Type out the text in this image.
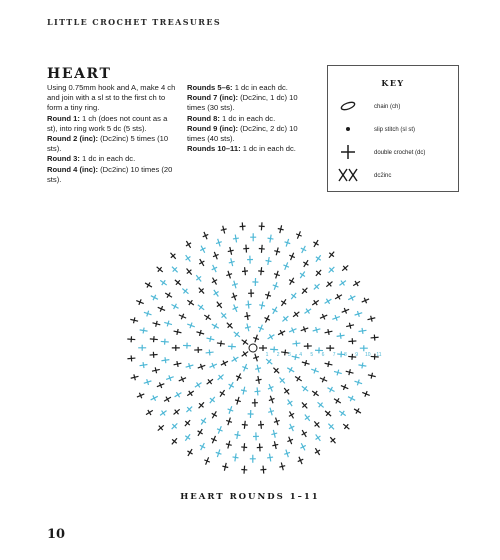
LITTLE CROCHET TREASURES
HEART

Using 0.75mm hook and A, make 4 ch and join with a sl st to the first ch to form a tiny ring.

Round 1: 1 ch (does not count as a st), into ring work 5 dc (5 sts).

Round 2 (inc): (Dc2inc) 5 times (10 sts).

Round 3: 1 dc in each dc.

Round 4 (inc): (Dc2inc) 10 times (20 sts).

Rounds 5–6: 1 dc in each dc.

Round 7 (inc): (Dc2inc, 1 dc) 10 times (30 sts).

Round 8: 1 dc in each dc.

Round 9 (inc): (Dc2inc, 2 dc) 10 times (40 sts).

Rounds 10–11: 1 dc in each dc.

KEY
chain (ch)
slip stitch (sl st)
double crochet (dc)
dc2inc
1 2 3 4 5 6 7 8 9 10 11
HEART ROUNDS 1–11
10
